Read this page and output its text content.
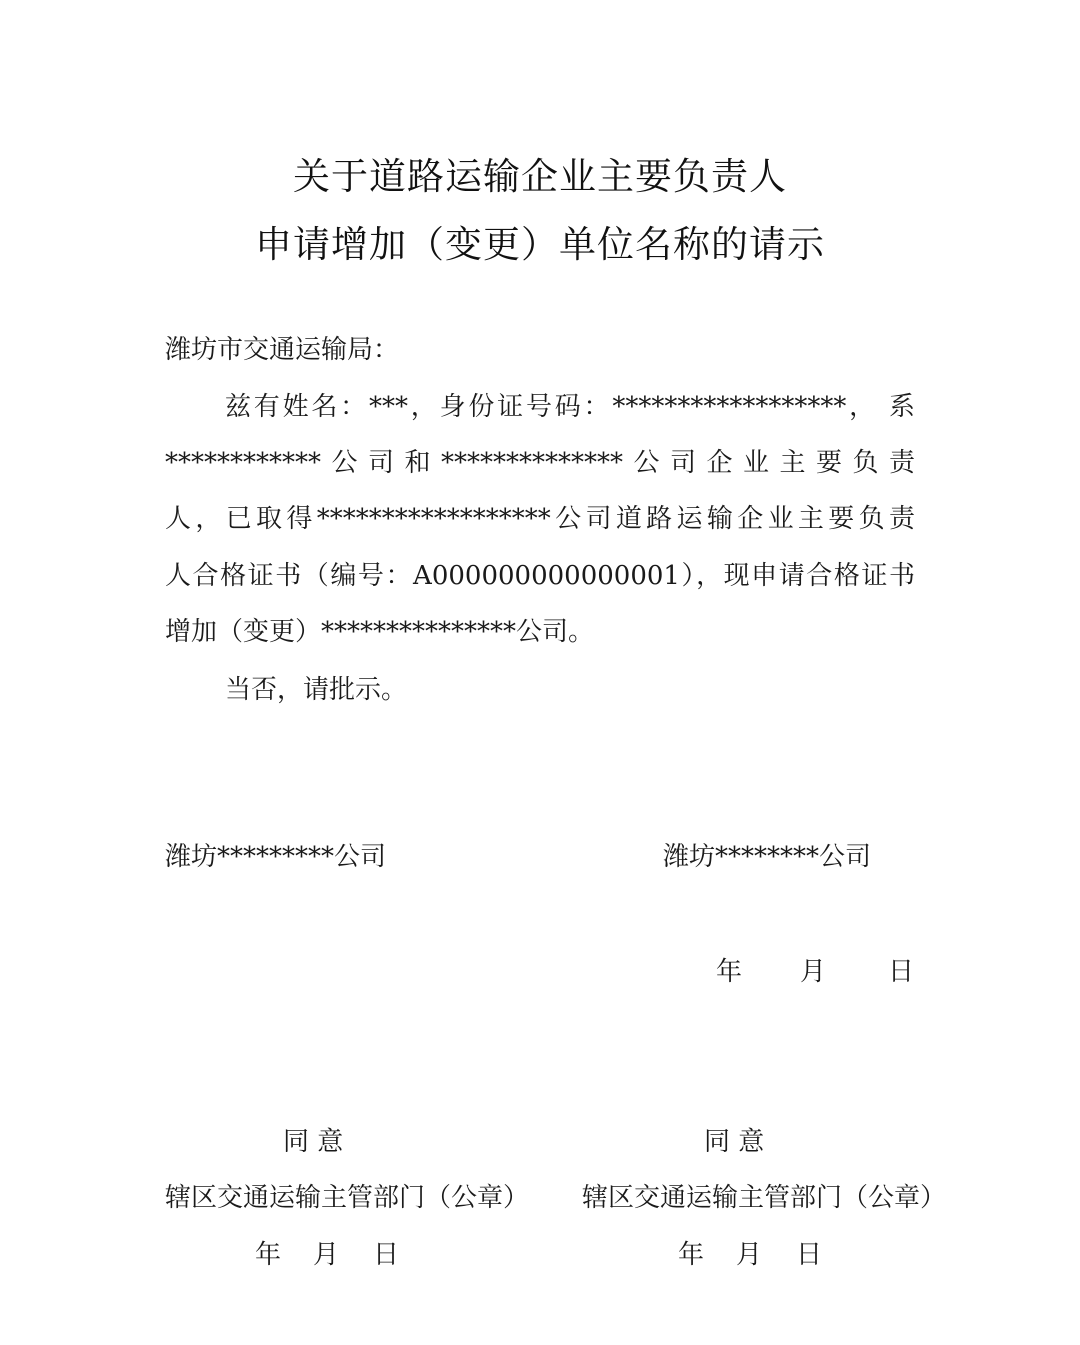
关于道路运输企业主要负责人
申请增加（变更）单位名称的请示
潍坊市交通运输局：
兹有姓名：***，身份证号码：******************， 系
************公司和**************公司企业主要负责
人，已取得******************公司道路运输企业主要负责
人合格证书（编号：A000000000000001），现申请合格证书
增加（变更）***************公司。
当否，请批示。
潍坊*********公司	潍坊********公司
年 月 日
同 意
辖区交通运输主管部门（公章）
年 月 日
同 意
辖区交通运输主管部门（公章）
年 月 日
